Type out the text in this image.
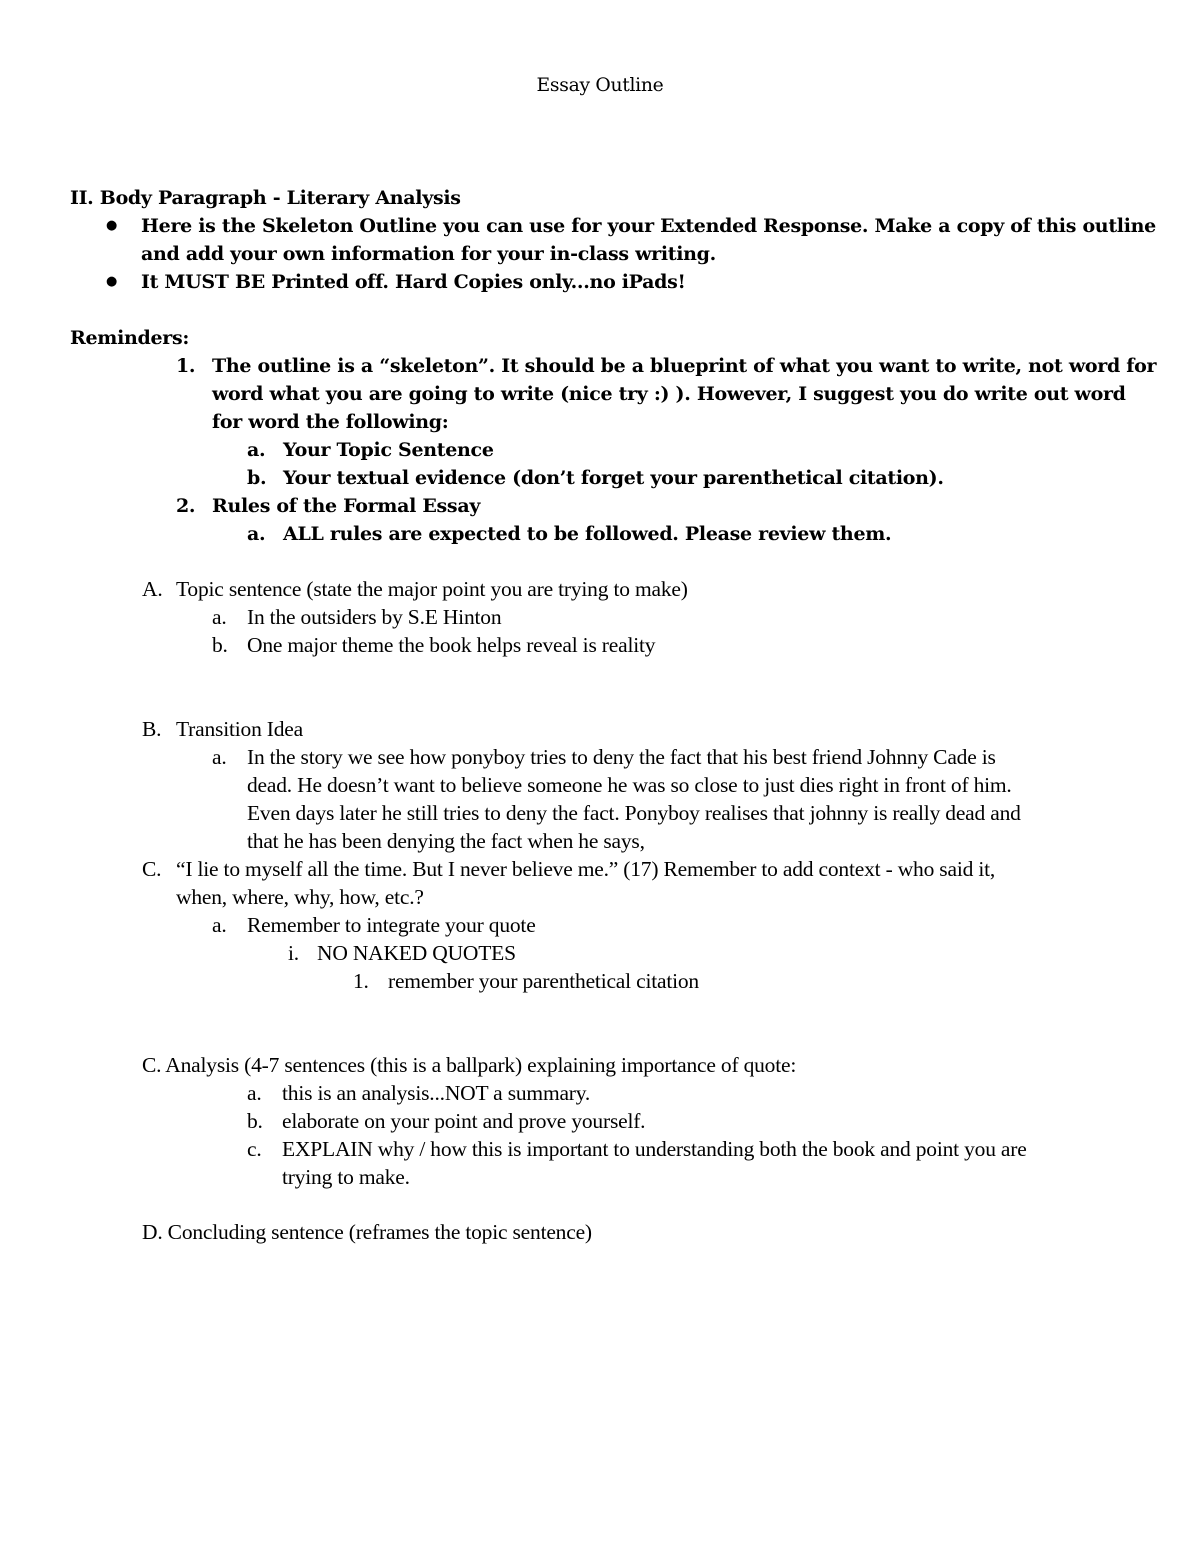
Essay Outline
II. Body Paragraph - Literary Analysis
● Here is the Skeleton Outline you can use for your Extended Response. Make a copy of this outline
and add your own information for your in-class writing.
● It MUST BE Printed off. Hard Copies only...no iPads!
Reminders:
1. The outline is a “skeleton”. It should be a blueprint of what you want to write, not word for
word what you are going to write (nice try :) ). However, I suggest you do write out word
for word the following:
a. Your Topic Sentence
b. Your textual evidence (don’t forget your parenthetical citation).
2. Rules of the Formal Essay
a. ALL rules are expected to be followed. Please review them.
A. Topic sentence (state the major point you are trying to make)
a. In the outsiders by S.E Hinton
b. One major theme the book helps reveal is reality
B. Transition Idea
a. In the story we see how ponyboy tries to deny the fact that his best friend Johnny Cade is
dead. He doesn’t want to believe someone he was so close to just dies right in front of him.
Even days later he still tries to deny the fact. Ponyboy realises that johnny is really dead and
that he has been denying the fact when he says,
C. “I lie to myself all the time. But I never believe me.” (17) Remember to add context - who said it,
when, where, why, how, etc.?
a. Remember to integrate your quote
i. NO NAKED QUOTES
1. remember your parenthetical citation
C. Analysis (4-7 sentences (this is a ballpark) explaining importance of quote:
a. this is an analysis...NOT a summary.
b. elaborate on your point and prove yourself.
c. EXPLAIN why / how this is important to understanding both the book and point you are
trying to make.
D. Concluding sentence (reframes the topic sentence)
